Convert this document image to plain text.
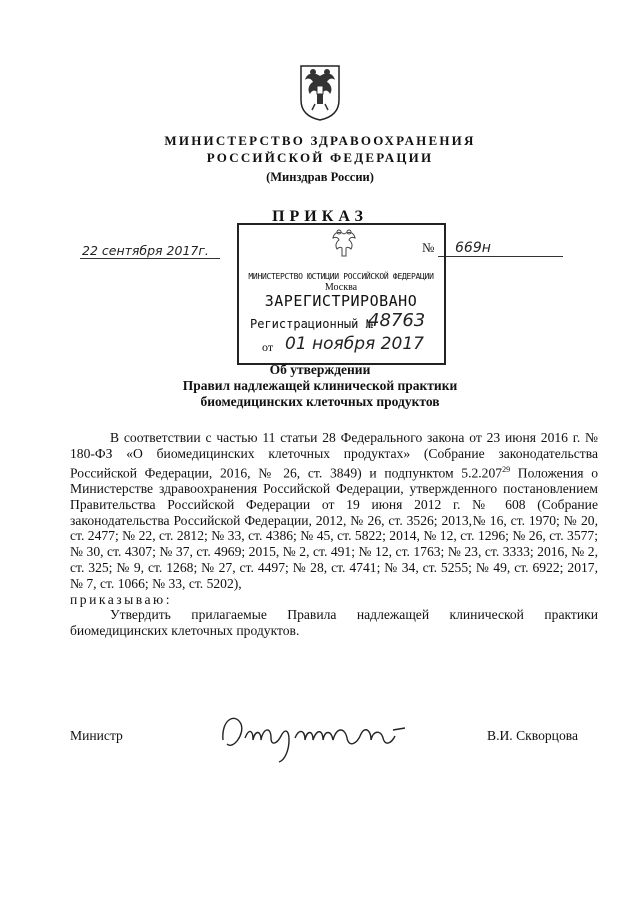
МИНИСТЕРСТВО ЗДРАВООХРАНЕНИЯ
РОССИЙСКОЙ ФЕДЕРАЦИИ
(Минздрав России)
ПРИКАЗ
22 сентября 2017г.	№ 669н
МИНИСТЕРСТВО ЮСТИЦИИ РОССИЙСКОЙ ФЕДЕРАЦИИ
Москва
ЗАРЕГИСТРИРОВАНО
Регистрационный №
48763
от 01 ноября 2017
Об утверждении
Правил надлежащей клинической практики
биомедицинских клеточных продуктов

В соответствии с частью 11 статьи 28 Федерального закона от 23 июня 2016 г. № 180-ФЗ «О биомедицинских клеточных продуктах» (Собрание законодательства Российской Федерации, 2016, № 26, ст. 3849) и подпунктом 5.2.207$^{29}$ Положения о Министерстве здравоохранения Российской Федерации, утвержденного постановлением Правительства Российской Федерации от 19 июня 2012 г. № 608 (Собрание законодательства Российской Федерации, 2012, № 26, ст. 3526; 2013,№ 16, ст. 1970; № 20, ст. 2477; № 22, ст. 2812; № 33, ст. 4386; № 45, ст. 5822; 2014, № 12, ст. 1296; № 26, ст. 3577; № 30, ст. 4307; № 37, ст. 4969; 2015, № 2, ст. 491; № 12, ст. 1763; № 23, ст. 3333; 2016, № 2, ст. 325; № 9, ст. 1268; № 27, ст. 4497; № 28, ст. 4741; № 34, ст. 5255; № 49, ст. 6922; 2017, № 7, ст. 1066; № 33, ст. 5202),

приказываю:

Утвердить прилагаемые Правила надлежащей клинической практики биомедицинских клеточных продуктов.

Министр	В.И. Скворцова
